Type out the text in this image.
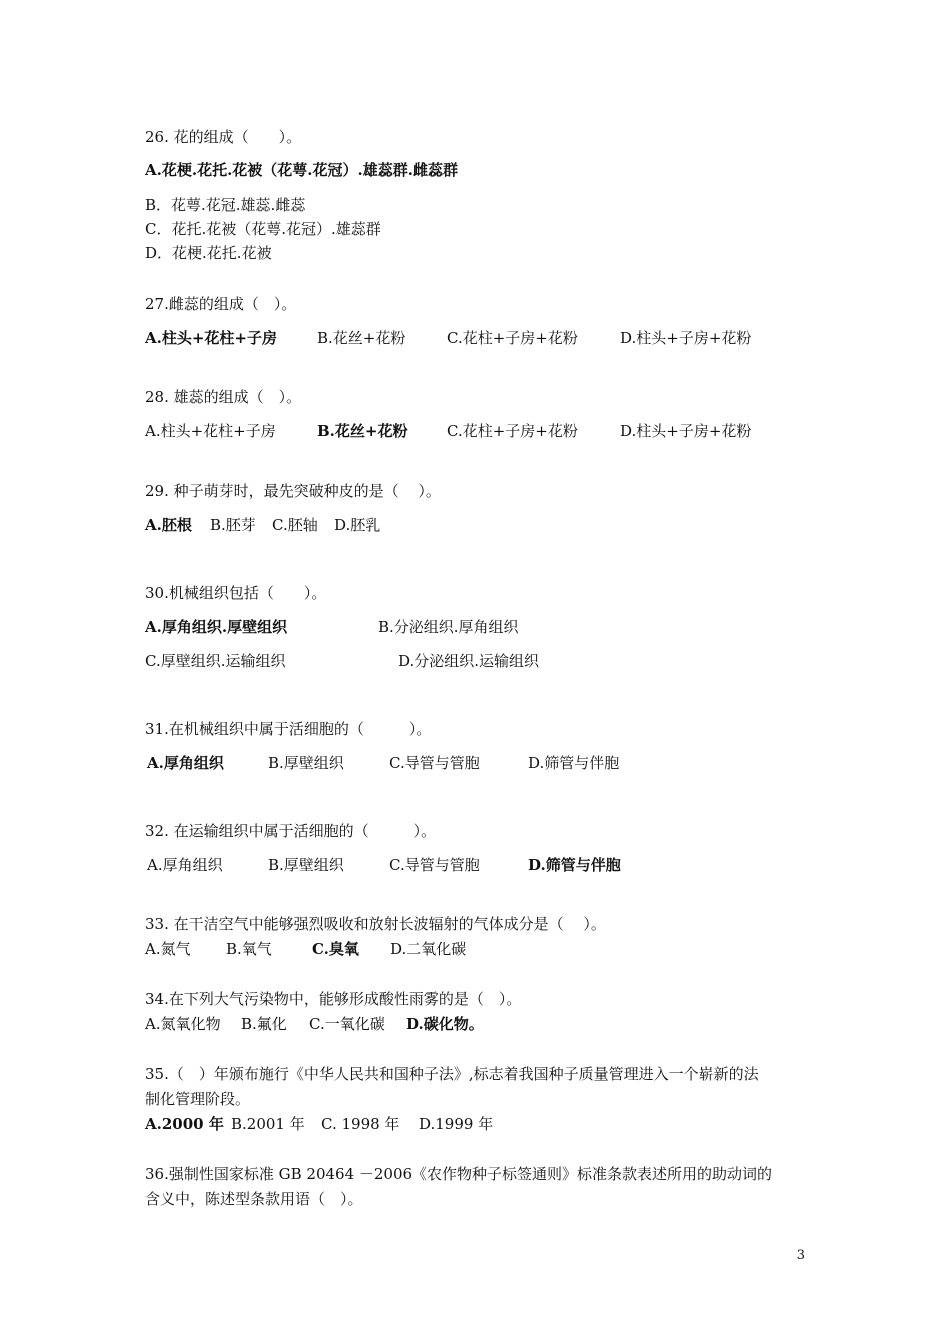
26. 花的组成（　　）。
A.花梗.花托.花被（花萼.花冠）.雄蕊群.雌蕊群
B．花萼.花冠.雄蕊.雌蕊
C．花托.花被（花萼.花冠）.雄蕊群
D．花梗.花托.花被
27.雌蕊的组成（　）。
A.柱头+花柱+子房	B.花丝+花粉	C.花柱+子房+花粉	D.柱头+子房+花粉
28. 雄蕊的组成（　）。
A.柱头+花柱+子房	B.花丝+花粉	C.花柱+子房+花粉	D.柱头+子房+花粉
29. 种子萌芽时，最先突破种皮的是（　 ）。
A.胚根 B.胚芽 C.胚轴 D.胚乳
30.机械组织包括（　　）。
A.厚角组织.厚壁组织	B.分泌组织.厚角组织
C.厚壁组织.运输组织	D.分泌组织.运输组织
31.在机械组织中属于活细胞的（　　　）。
A.厚角组织	B.厚壁组织	C.导管与管胞	D.筛管与伴胞
32. 在运输组织中属于活细胞的（　　　）。
A.厚角组织	B.厚壁组织	C.导管与管胞	D.筛管与伴胞
33. 在干洁空气中能够强烈吸收和放射长波辐射的气体成分是（　 ）。
A.氮气 B.氧气	C.臭氧 D.二氧化碳
34.在下列大气污染物中，能够形成酸性雨雾的是（　）。
A.氮氧化物 B.氟化 C.一氧化碳 D.碳化物。
35.（　）年颁布施行《中华人民共和国种子法》,标志着我国种子质量管理进入一个崭新的法
制化管理阶段。
A.2000 年 B.2001 年 C. 1998 年 D.1999 年
36.强制性国家标准 GB 20464 －2006《农作物种子标签通则》标准条款表述所用的助动词的
含义中，陈述型条款用语（　）。
3
